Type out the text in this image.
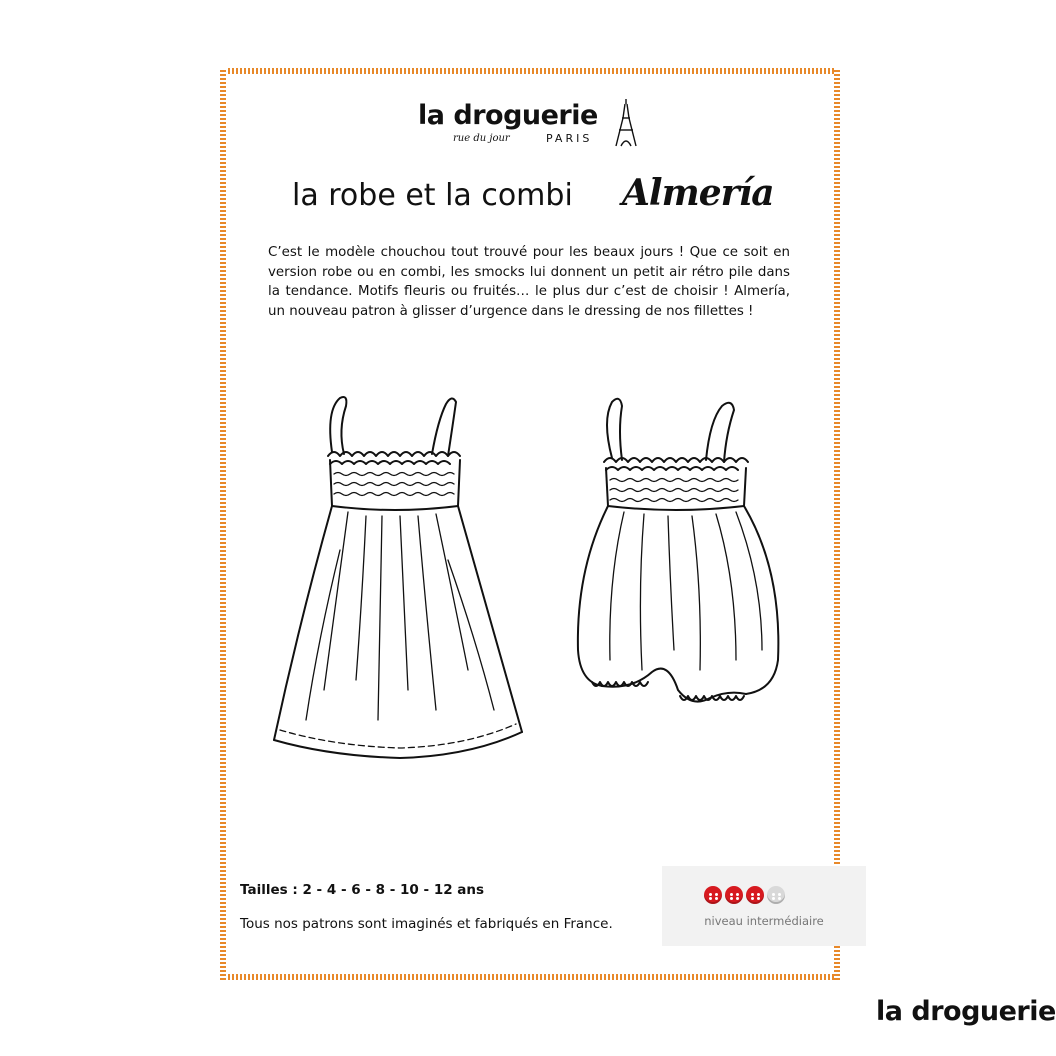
la droguerie
rue du jour	PARIS
la robe et la combi Almería
C’est le modèle chouchou tout trouvé pour les beaux jours ! Que ce soit en version robe ou en combi, les smocks lui donnent un petit air rétro pile dans la tendance. Motifs fleuris ou fruités… le plus dur c’est de choisir ! Almería, un nouveau patron à glisser d’urgence dans le dressing de nos fillettes !
Tailles : 2 - 4 - 6 - 8 - 10 - 12 ans
Tous nos patrons sont imaginés et fabriqués en France.	niveau intermédiaire
la droguerie
